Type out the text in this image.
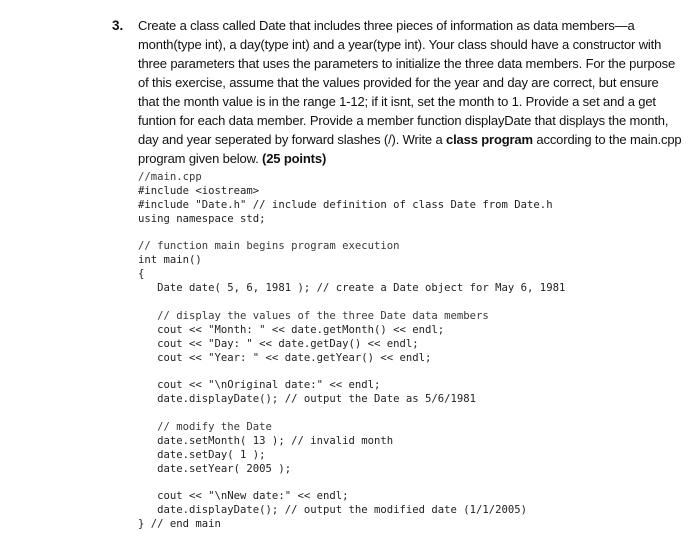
3. Create a class called Date that includes three pieces of information as data members—a
month(type int), a day(type int) and a year(type int). Your class should have a constructor with
three parameters that uses the parameters to initialize the three data members. For the purpose
of this exercise, assume that the values provided for the year and day are correct, but ensure
that the month value is in the range 1-12; if it isnt, set the month to 1. Provide a set and a get
funtion for each data member. Provide a member function displayDate that displays the month,
day and year seperated by forward slashes (/). Write a class program according to the main.cpp
program given below. (25 points)
//main.cpp
#include <iostream>
#include "Date.h" // include definition of class Date from Date.h
using namespace std;
// function main begins program execution
int main()
{
Date date( 5, 6, 1981 ); // create a Date object for May 6, 1981
// display the values of the three Date data members
cout << "Month: " << date.getMonth() << endl;
cout << "Day: " << date.getDay() << endl;
cout << "Year: " << date.getYear() << endl;
cout << "\nOriginal date:" << endl;
date.displayDate(); // output the Date as 5/6/1981
// modify the Date
date.setMonth( 13 ); // invalid month
date.setDay( 1 );
date.setYear( 2005 );
cout << "\nNew date:" << endl;
date.displayDate(); // output the modified date (1/1/2005)
} // end main
